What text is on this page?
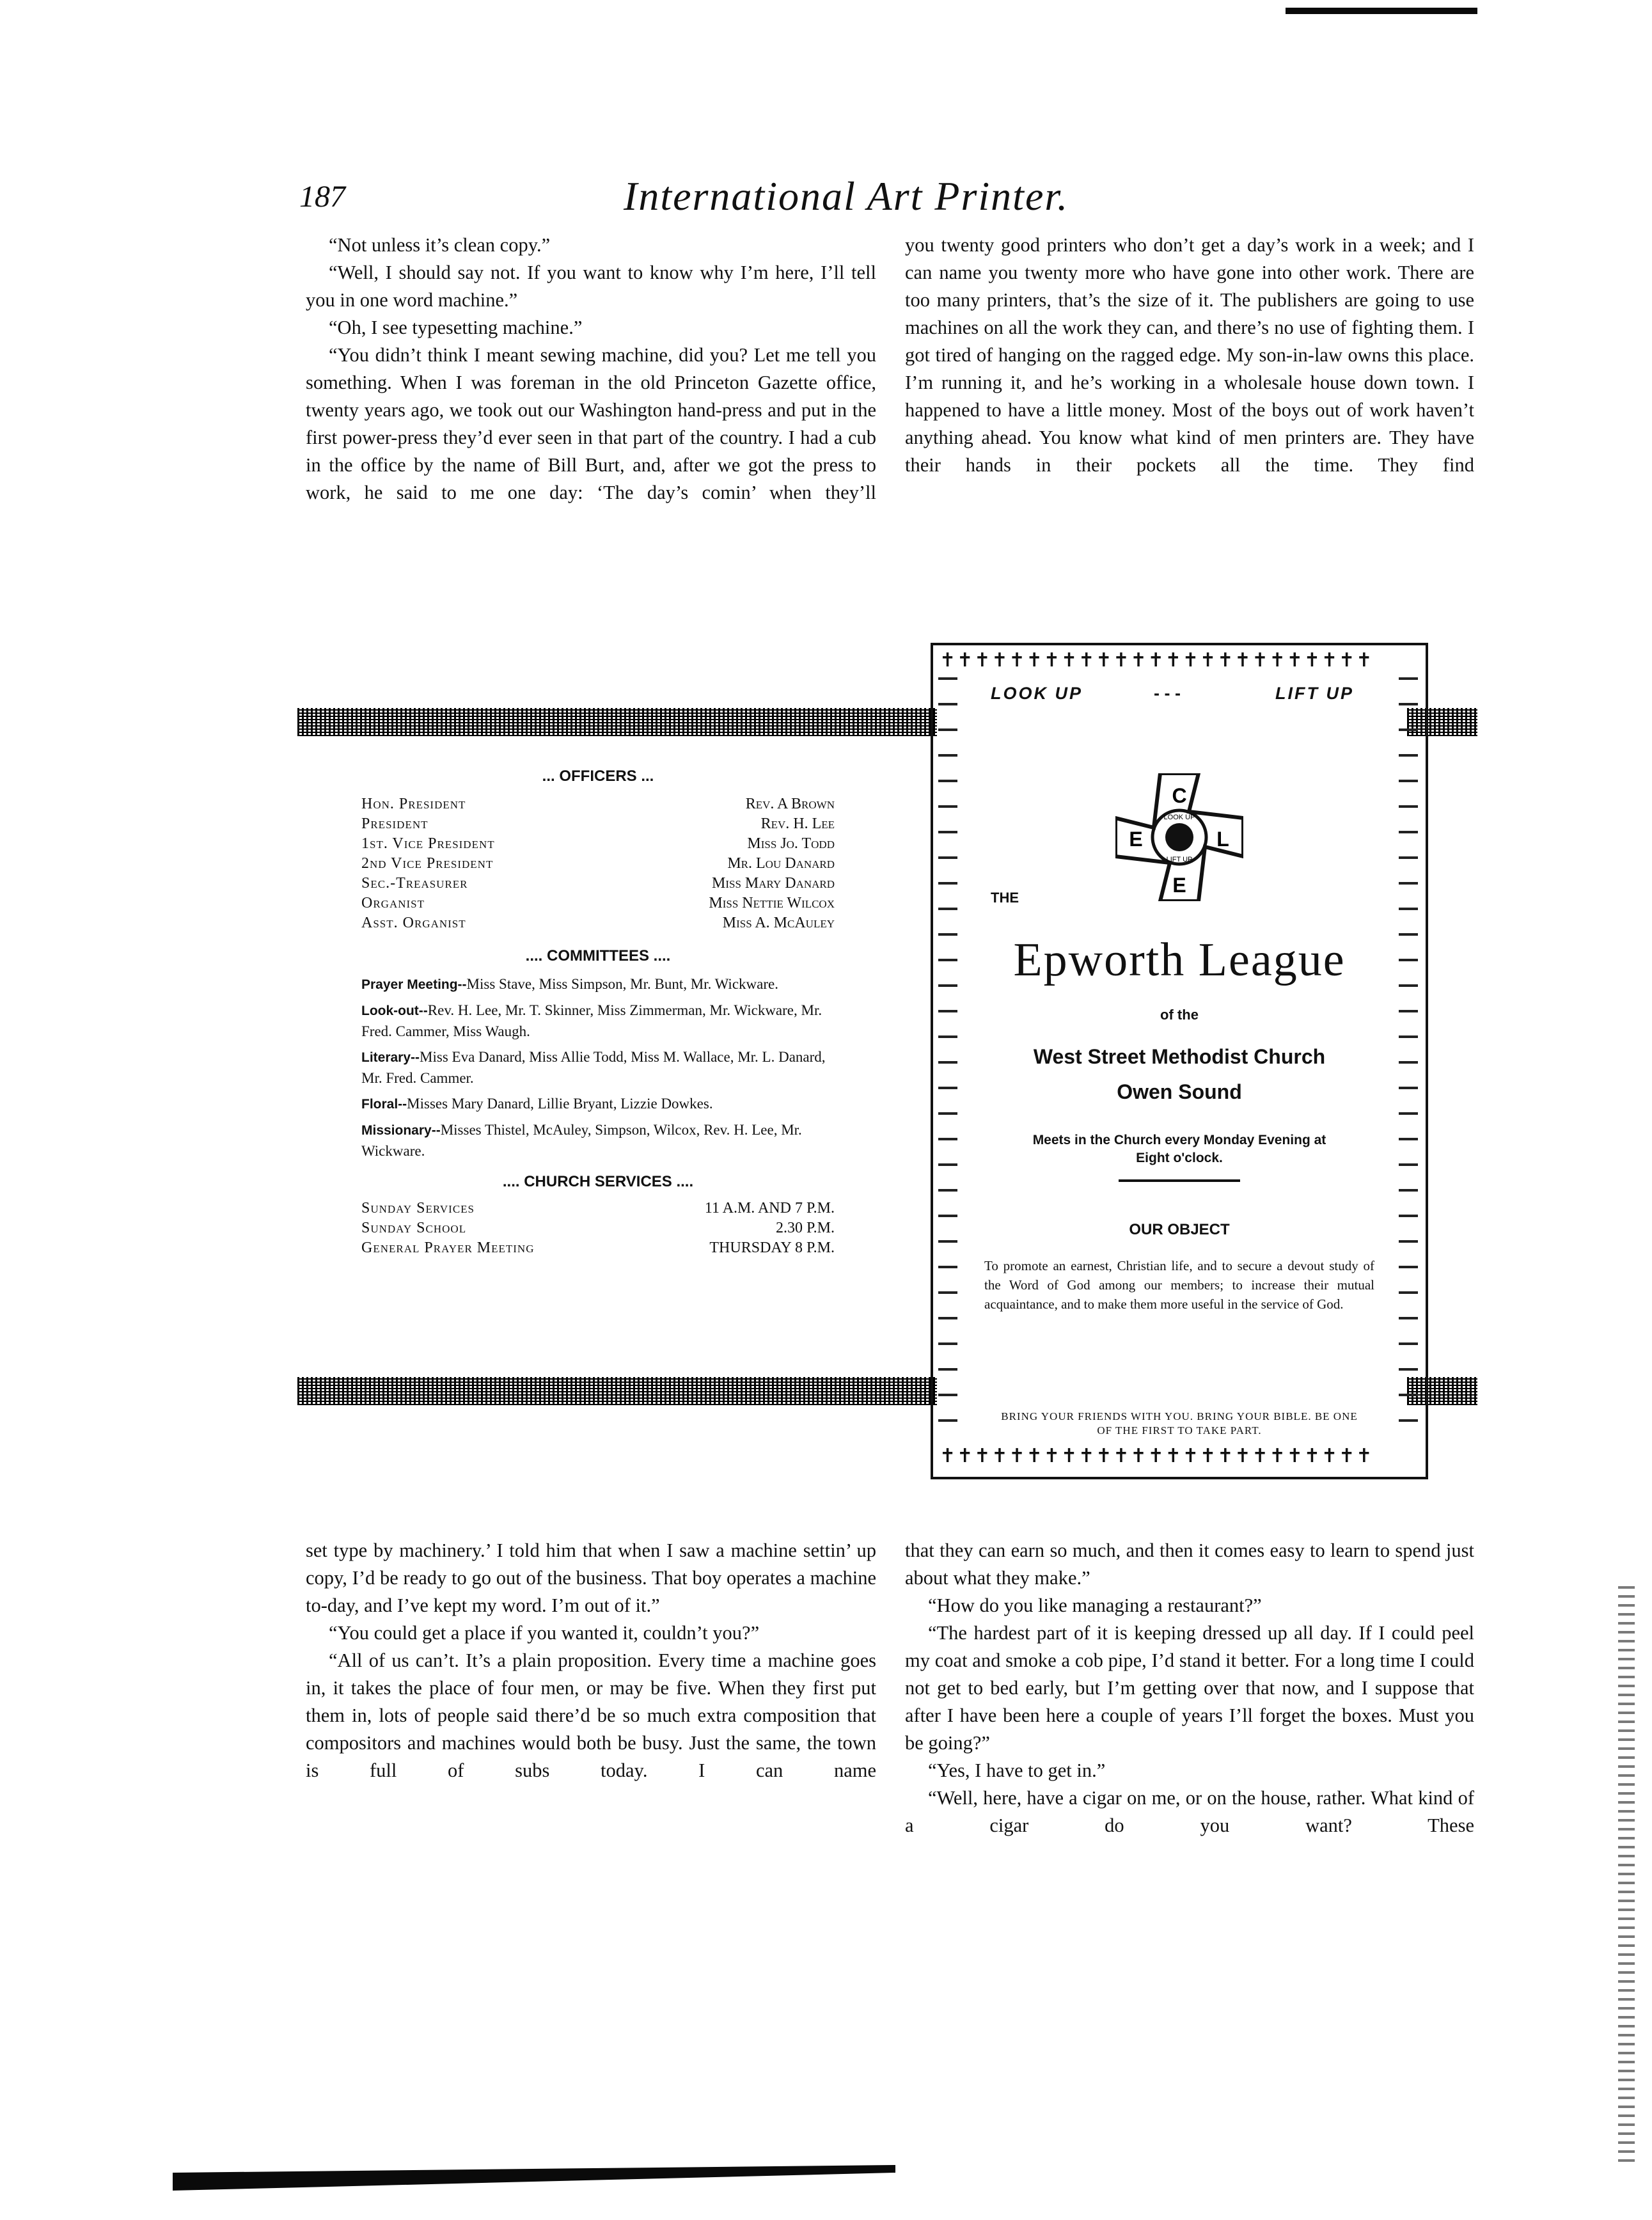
187	International Art Printer.

“Not unless it’s clean copy.”

“Well, I should say not. If you want to know why I’m here, I’ll tell you in one word machine.”

“Oh, I see typesetting machine.”

“You didn’t think I meant sewing machine, did you? Let me tell you something. When I was foreman in the old Princeton Gazette office, twenty years ago, we took out our Washington hand-press and put in the first power-press they’d ever seen in that part of the country. I had a cub in the office by the name of Bill Burt, and, after we got the press to work, he said to me one day: ‘The day’s comin’ when they’ll

you twenty good printers who don’t get a day’s work in a week; and I can name you twenty more who have gone into other work. There are too many printers, that’s the size of it. The publishers are going to use machines on all the work they can, and there’s no use of fighting them. I got tired of hanging on the ragged edge. My son-in-law owns this place. I’m running it, and he’s working in a wholesale house down town. I happened to have a little money. Most of the boys out of work haven’t anything ahead. You know what kind of men printers are. They have their hands in their pockets all the time. They find

... OFFICERS ...
Hon. President	Rev. A Brown
President	Rev. H. Lee
1st. Vice President	Miss Jo. Todd
2nd Vice President	Mr. Lou Danard
Sec.-Treasurer	Miss Mary Danard
Organist	Miss Nettie Wilcox
Asst. Organist	Miss A. McAuley
.... COMMITTEES ....

Prayer Meeting--Miss Stave, Miss Simpson, Mr. Bunt, Mr. Wickware.

Look-out--Rev. H. Lee, Mr. T. Skinner, Miss Zimmerman, Mr. Wickware, Mr. Fred. Cammer, Miss Waugh.

Literary--Miss Eva Danard, Miss Allie Todd, Miss M. Wallace, Mr. L. Danard, Mr. Fred. Cammer.

Floral--Misses Mary Danard, Lillie Bryant, Lizzie Dowkes.

Missionary--Misses Thistel, McAuley, Simpson, Wilcox, Rev. H. Lee, Mr. Wickware.

.... CHURCH SERVICES ....
Sunday Services	11 A.M. AND 7 P.M.
Sunday School	2.30 P.M.
General Prayer Meeting	THURSDAY 8 P.M.
✝✝✝✝✝✝✝✝✝✝✝✝✝✝✝✝✝✝✝✝✝✝✝✝✝
✝✝✝✝✝✝✝✝✝✝✝✝✝✝✝✝✝✝✝✝✝✝✝✝✝
LOOK UP	- - -	LIFT UP
C
E	L
E
LOOK UP
LIFT UP
THE
Epworth League
of the
West Street Methodist Church
Owen Sound
Meets in the Church every Monday Evening at Eight o'clock.
OUR OBJECT
To promote an earnest, Christian life, and to secure a devout study of the Word of God among our members; to increase their mutual acquaintance, and to make them more useful in the service of God.
BRING YOUR FRIENDS WITH YOU. BRING YOUR BIBLE. BE ONE OF THE FIRST TO TAKE PART.

set type by machinery.’ I told him that when I saw a machine settin’ up copy, I’d be ready to go out of the business. That boy operates a machine to-day, and I’ve kept my word. I’m out of it.”

“You could get a place if you wanted it, couldn’t you?”

“All of us can’t. It’s a plain proposition. Every time a machine goes in, it takes the place of four men, or may be five. When they first put them in, lots of people said there’d be so much extra composition that compositors and machines would both be busy. Just the same, the town is full of subs today. I can name

that they can earn so much, and then it comes easy to learn to spend just about what they make.”

“How do you like managing a restaurant?”

“The hardest part of it is keeping dressed up all day. If I could peel my coat and smoke a cob pipe, I’d stand it better. For a long time I could not get to bed early, but I’m getting over that now, and I suppose that after I have been here a couple of years I’ll forget the boxes. Must you be going?”

“Yes, I have to get in.”

“Well, here, have a cigar on me, or on the house, rather. What kind of a cigar do you want? These
